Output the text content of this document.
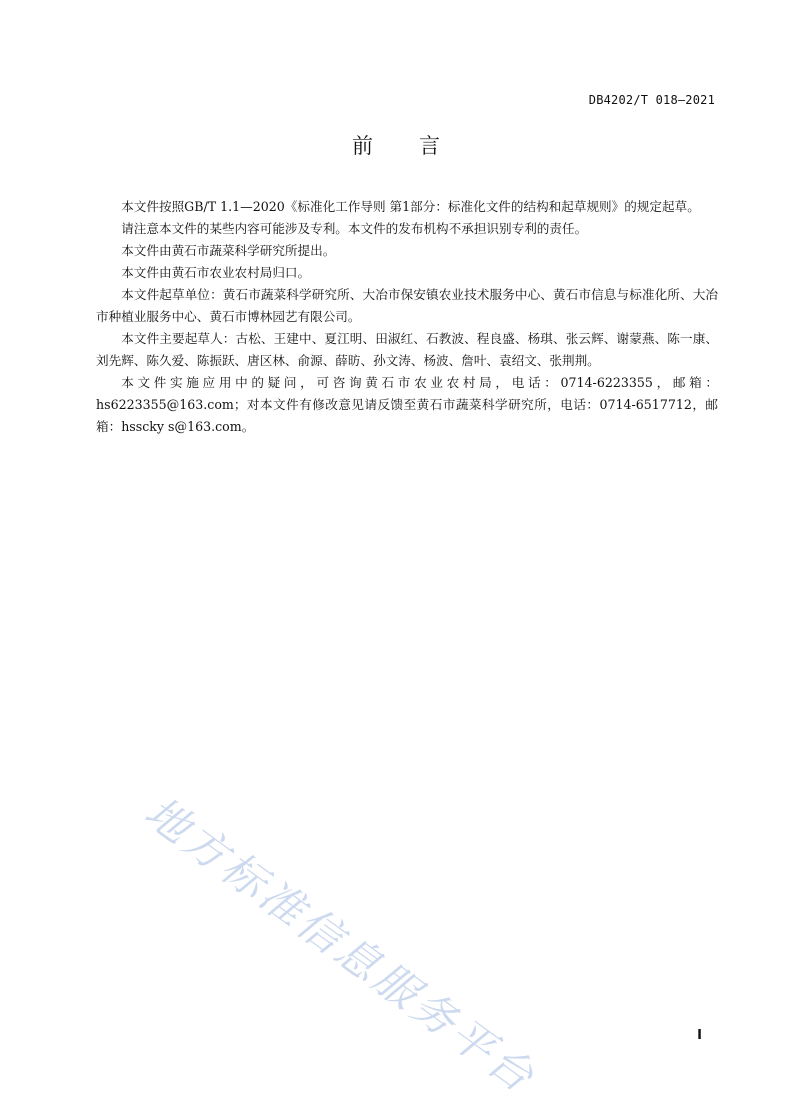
DB4202/T 018—2021
前言

本文件按照GB/T 1.1—2020《标准化工作导则 第1部分：标准化文件的结构和起草规则》的规定起草。

请注意本文件的某些内容可能涉及专利。本文件的发布机构不承担识别专利的责任。

本文件由黄石市蔬菜科学研究所提出。

本文件由黄石市农业农村局归口。

本文件起草单位：黄石市蔬菜科学研究所、大冶市保安镇农业技术服务中心、黄石市信息与标准化所、大冶市种植业服务中心、黄石市博林园艺有限公司。

本文件主要起草人：古松、王建中、夏江明、田淑红、石教波、程良盛、杨琪、张云辉、谢蒙燕、陈一康、刘先辉、陈久爱、陈振跃、唐区林、俞源、薛昉、孙文涛、杨波、詹叶、袁绍文、张荆荆。

本文件实施应用中的疑问，可咨询黄石市农业农村局，电话：0714-6223355，邮箱：hs6223355@163.com；对本文件有修改意见请反馈至黄石市蔬菜科学研究所，电话：0714-6517712，邮箱：hsscky s@163.com。

地方标准信息服务平台	I
